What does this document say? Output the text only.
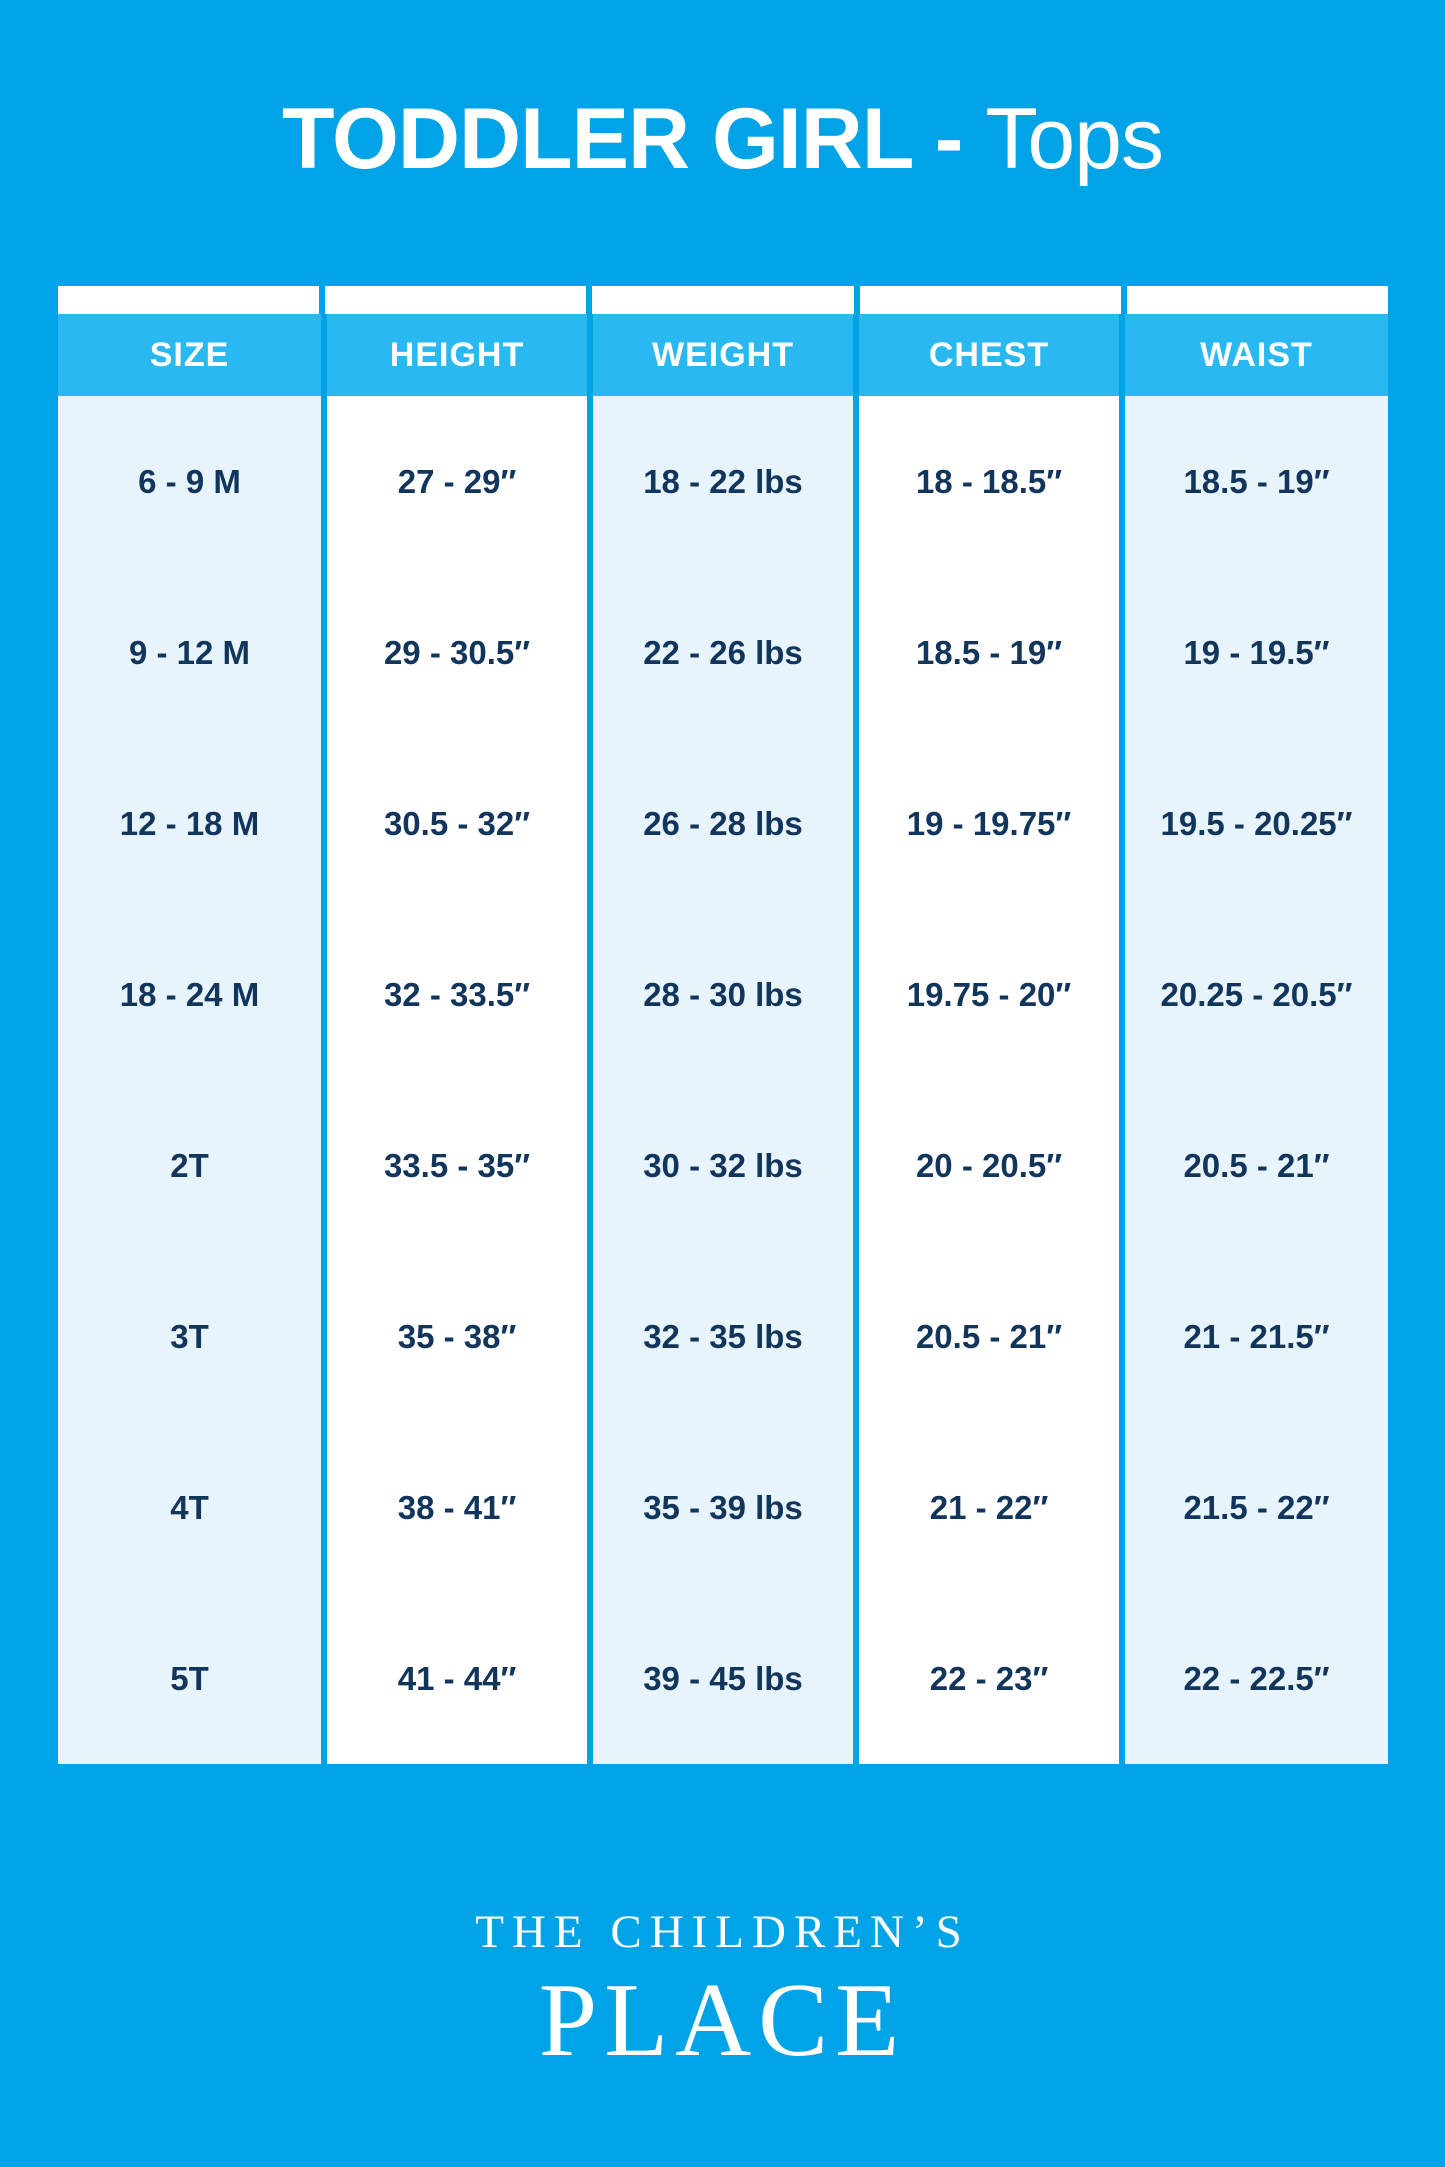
TODDLER GIRL - Tops
SIZE	HEIGHT	WEIGHT	CHEST	WAIST
6 - 9 M	27 - 29″	18 - 22 lbs	18 - 18.5″	18.5 - 19″
9 - 12 M	29 - 30.5″	22 - 26 lbs	18.5 - 19″	19 - 19.5″
12 - 18 M	30.5 - 32″	26 - 28 lbs	19 - 19.75″	19.5 - 20.25″
18 - 24 M	32 - 33.5″	28 - 30 lbs	19.75 - 20″	20.25 - 20.5″
2T	33.5 - 35″	30 - 32 lbs	20 - 20.5″	20.5 - 21″
3T	35 - 38″	32 - 35 lbs	20.5 - 21″	21 - 21.5″
4T	38 - 41″	35 - 39 lbs	21 - 22″	21.5 - 22″
5T	41 - 44″	39 - 45 lbs	22 - 23″	22 - 22.5″
THE CHILDREN’S
PLACE
